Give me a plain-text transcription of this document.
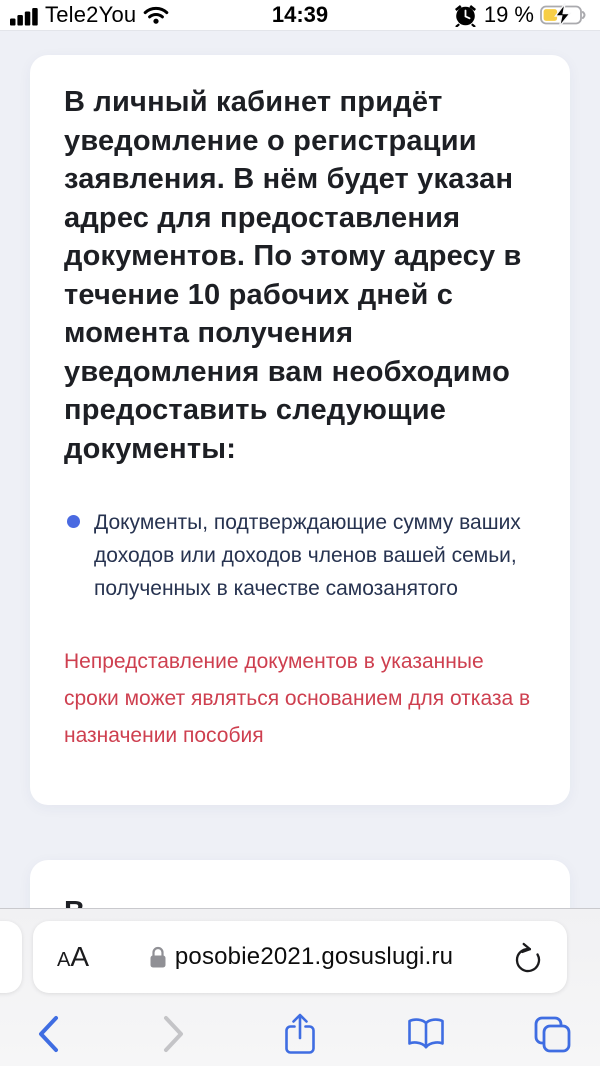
Tele2You	14:39	19 %
В личный кабинет придёт уведомление о регистрации заявления. В нём будет указан адрес для предоставления документов. По этому адресу в течение 10 рабочих дней с момента получения уведомления вам необходимо предоставить следующие документы:
Документы, подтверждающие сумму ваших доходов или доходов членов вашей семьи, полученных в качестве самозанятого
Непредставление документов в указанные сроки может являться основанием для отказа в назначении пособия
A A	posobie2021.gosuslugi.ru
